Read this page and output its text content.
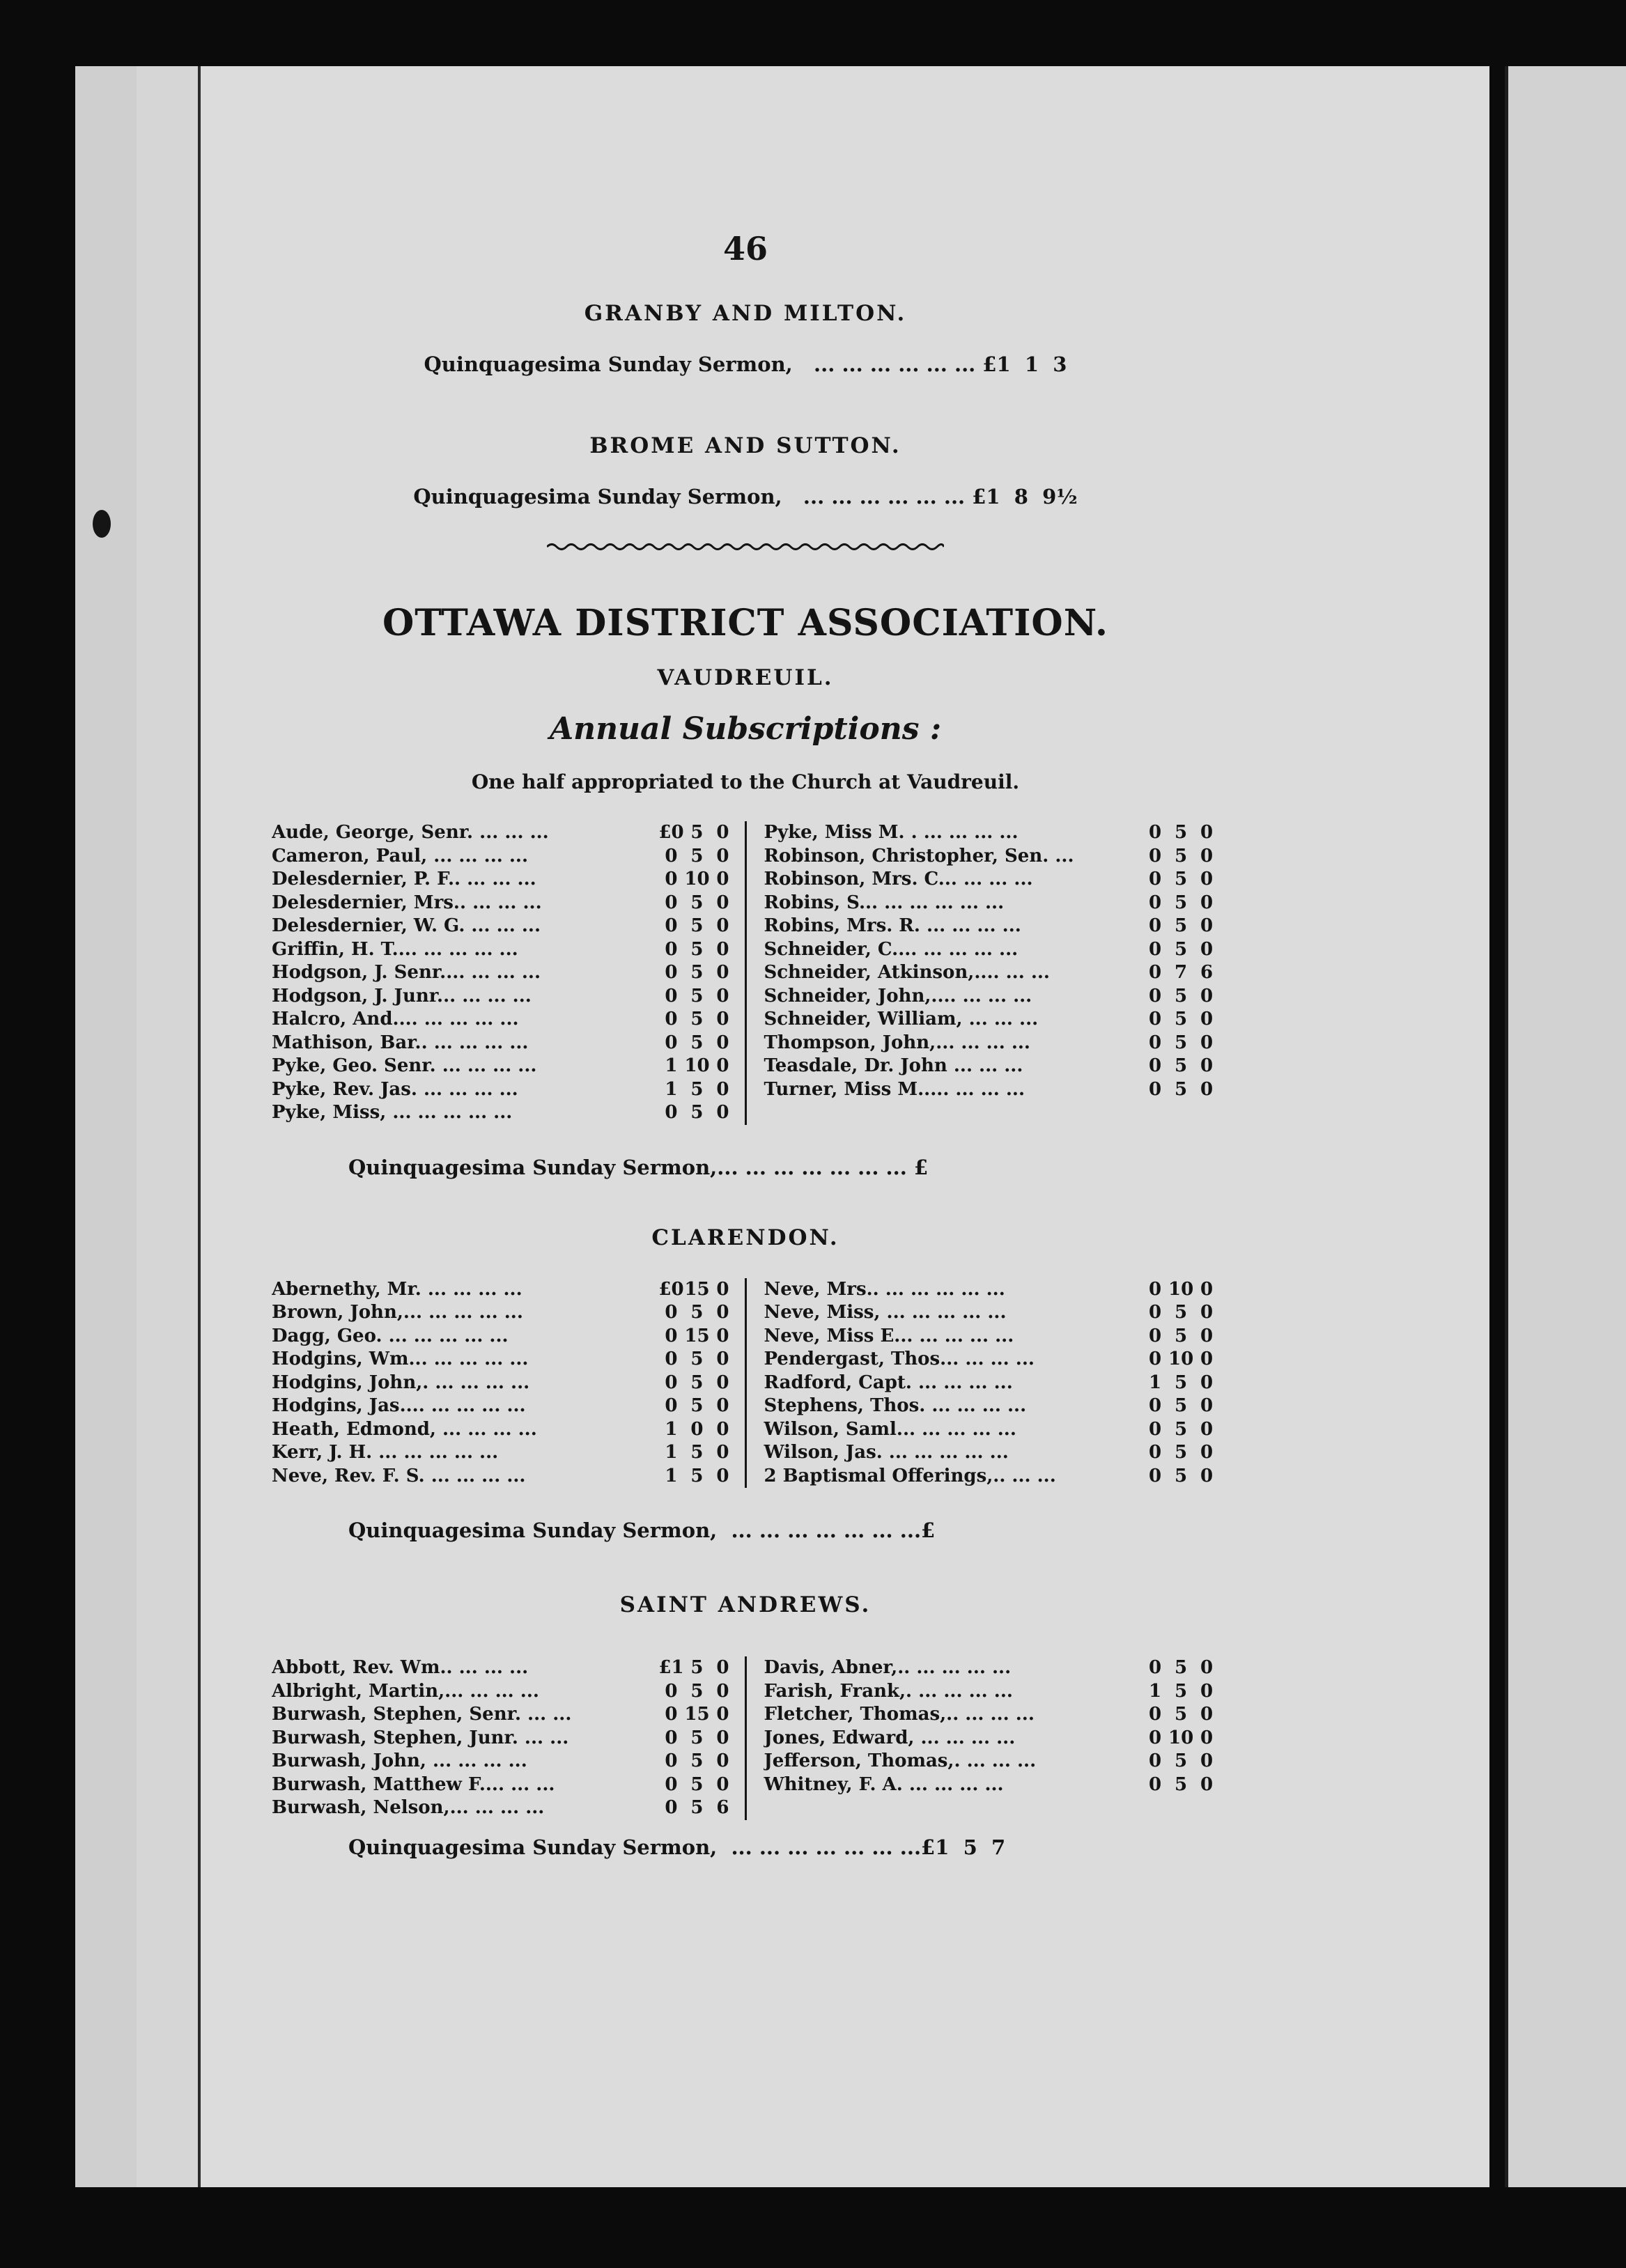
46
GRANBY AND MILTON.
Quinquagesima Sunday Sermon,   ... ... ... ... ... ... £1  1  3
BROME AND SUTTON.
Quinquagesima Sunday Sermon,   ... ... ... ... ... ... £1  8  9½
OTTAWA DISTRICT ASSOCIATION.
VAUDREUIL.
Annual Subscriptions :
One half appropriated to the Church at Vaudreuil.
Aude, George, Senr. ... ... ...	£0 5 0
Cameron, Paul, ... ... ... ...	0 5 0
Delesdernier, P. F.. ... ... ...	0 10 0
Delesdernier, Mrs.. ... ... ...	0 5 0
Delesdernier, W. G. ... ... ...	0 5 0
Griffin, H. T.... ... ... ... ...	0 5 0
Hodgson, J. Senr.... ... ... ...	0 5 0
Hodgson, J. Junr... ... ... ...	0 5 0
Halcro, And.... ... ... ... ...	0 5 0
Mathison, Bar.. ... ... ... ...	0 5 0
Pyke, Geo. Senr. ... ... ... ...	1 10 0
Pyke, Rev. Jas. ... ... ... ...	1 5 0
Pyke, Miss, ... ... ... ... ...	0 5 0
Pyke, Miss M. . ... ... ... ...	0 5 0
Robinson, Christopher, Sen. ...	0 5 0
Robinson, Mrs. C... ... ... ...	0 5 0
Robins, S... ... ... ... ... ...	0 5 0
Robins, Mrs. R. ... ... ... ...	0 5 0
Schneider, C.... ... ... ... ...	0 5 0
Schneider, Atkinson,.... ... ...	0 7 6
Schneider, John,.... ... ... ...	0 5 0
Schneider, William, ... ... ...	0 5 0
Thompson, John,... ... ... ...	0 5 0
Teasdale, Dr. John ... ... ...	0 5 0
Turner, Miss M..... ... ... ...	0 5 0
Quinquagesima Sunday Sermon,... ... ... ... ... ... ... £
CLARENDON.
Abernethy, Mr. ... ... ... ...	£0 15 0
Brown, John,... ... ... ... ...	0 5 0
Dagg, Geo. ... ... ... ... ...	0 15 0
Hodgins, Wm... ... ... ... ...	0 5 0
Hodgins, John,. ... ... ... ...	0 5 0
Hodgins, Jas.... ... ... ... ...	0 5 0
Heath, Edmond, ... ... ... ...	1 0 0
Kerr, J. H. ... ... ... ... ...	1 5 0
Neve, Rev. F. S. ... ... ... ...	1 5 0
Neve, Mrs.. ... ... ... ... ...	0 10 0
Neve, Miss, ... ... ... ... ...	0 5 0
Neve, Miss E... ... ... ... ...	0 5 0
Pendergast, Thos... ... ... ...	0 10 0
Radford, Capt. ... ... ... ...	1 5 0
Stephens, Thos. ... ... ... ...	0 5 0
Wilson, Saml... ... ... ... ...	0 5 0
Wilson, Jas. ... ... ... ... ...	0 5 0
2 Baptismal Offerings,.. ... ...	0 5 0
Quinquagesima Sunday Sermon,  ... ... ... ... ... ... ...£
SAINT ANDREWS.
Abbott, Rev. Wm.. ... ... ...	£1 5 0
Albright, Martin,... ... ... ...	0 5 0
Burwash, Stephen, Senr. ... ...	0 15 0
Burwash, Stephen, Junr. ... ...	0 5 0
Burwash, John, ... ... ... ...	0 5 0
Burwash, Matthew F.... ... ...	0 5 0
Burwash, Nelson,... ... ... ...	0 5 6
Davis, Abner,.. ... ... ... ...	0 5 0
Farish, Frank,. ... ... ... ...	1 5 0
Fletcher, Thomas,.. ... ... ...	0 5 0
Jones, Edward, ... ... ... ...	0 10 0
Jefferson, Thomas,. ... ... ...	0 5 0
Whitney, F. A. ... ... ... ...	0 5 0
Quinquagesima Sunday Sermon,  ... ... ... ... ... ... ...£1  5  7
